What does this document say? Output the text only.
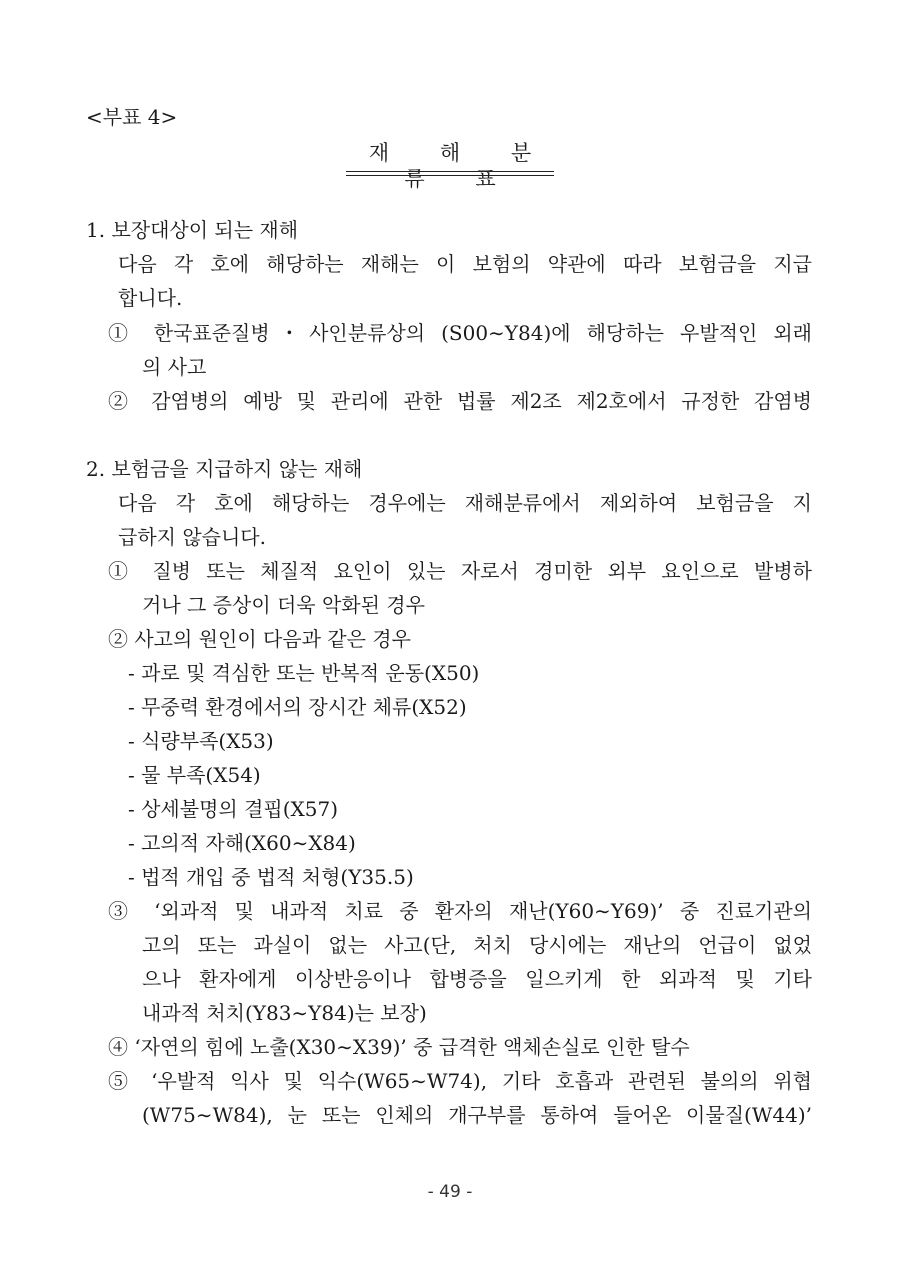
<부표 4>
재 해 분 류 표
1. 보장대상이 되는 재해
다음 각 호에 해당하는 재해는 이 보험의 약관에 따라 보험금을 지급
합니다.
① 한국표준질병・사인분류상의 (S00∼Y84)에 해당하는 우발적인 외래
의 사고
② 감염병의 예방 및 관리에 관한 법률 제2조 제2호에서 규정한 감염병
2. 보험금을 지급하지 않는 재해
다음 각 호에 해당하는 경우에는 재해분류에서 제외하여 보험금을 지
급하지 않습니다.
① 질병 또는 체질적 요인이 있는 자로서 경미한 외부 요인으로 발병하
거나 그 증상이 더욱 악화된 경우
② 사고의 원인이 다음과 같은 경우
- 과로 및 격심한 또는 반복적 운동(X50)
- 무중력 환경에서의 장시간 체류(X52)
- 식량부족(X53)
- 물 부족(X54)
- 상세불명의 결핍(X57)
- 고의적 자해(X60∼X84)
- 법적 개입 중 법적 처형(Y35.5)
③ ‘외과적 및 내과적 치료 중 환자의 재난(Y60∼Y69)’ 중 진료기관의
고의 또는 과실이 없는 사고(단, 처치 당시에는 재난의 언급이 없었
으나 환자에게 이상반응이나 합병증을 일으키게 한 외과적 및 기타
내과적 처치(Y83∼Y84)는 보장)
④ ‘자연의 힘에 노출(X30∼X39)’ 중 급격한 액체손실로 인한 탈수
⑤ ‘우발적 익사 및 익수(W65∼W74), 기타 호흡과 관련된 불의의 위협
(W75∼W84), 눈 또는 인체의 개구부를 통하여 들어온 이물질(W44)’
- 49 -
